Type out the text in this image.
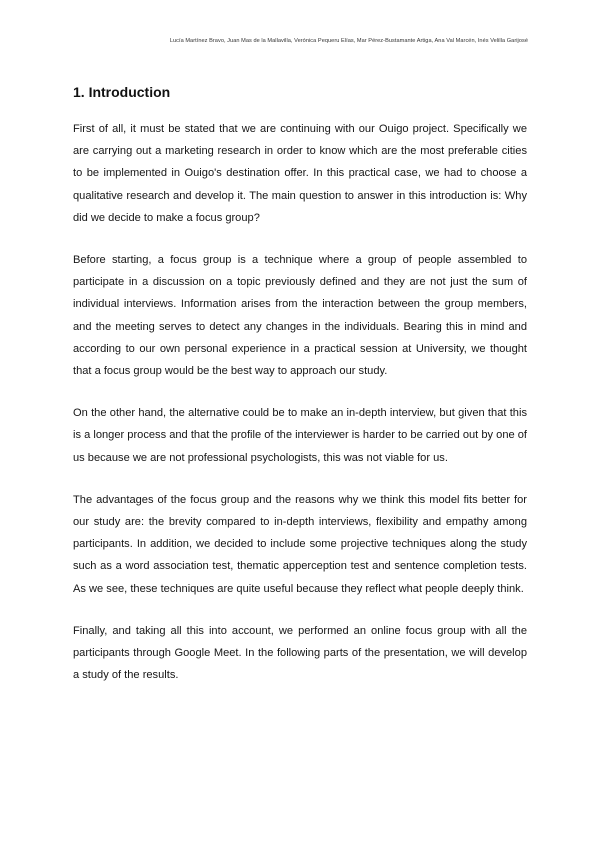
Lucía Martínez Bravo, Juan Mas de la Mallavilla, Verónica Pequeru Elías, Mar Pérez-Bustamante Artiga, Ana Val Marcén, Inés Velilla Garijosé
1. Introduction

First of all, it must be stated that we are continuing with our Ouigo project. Specifically we are carrying out a marketing research in order to know which are the most preferable cities to be implemented in Ouigo's destination offer. In this practical case, we had to choose a qualitative research and develop it. The main question to answer in this introduction is: Why did we decide to make a focus group?

Before starting, a focus group is a technique where a group of people assembled to participate in a discussion on a topic previously defined and they are not just the sum of individual interviews. Information arises from the interaction between the group members, and the meeting serves to detect any changes in the individuals. Bearing this in mind and according to our own personal experience in a practical session at University, we thought that a focus group would be the best way to approach our study.

On the other hand, the alternative could be to make an in-depth interview, but given that this is a longer process and that the profile of the interviewer is harder to be carried out by one of us because we are not professional psychologists, this was not viable for us.

The advantages of the focus group and the reasons why we think this model fits better for our study are: the brevity compared to in-depth interviews, flexibility and empathy among participants. In addition, we decided to include some projective techniques along the study such as a word association test, thematic apperception test and sentence completion tests. As we see, these techniques are quite useful because they reflect what people deeply think.

Finally, and taking all this into account, we performed an online focus group with all the participants through Google Meet. In the following parts of the presentation, we will develop a study of the results.
